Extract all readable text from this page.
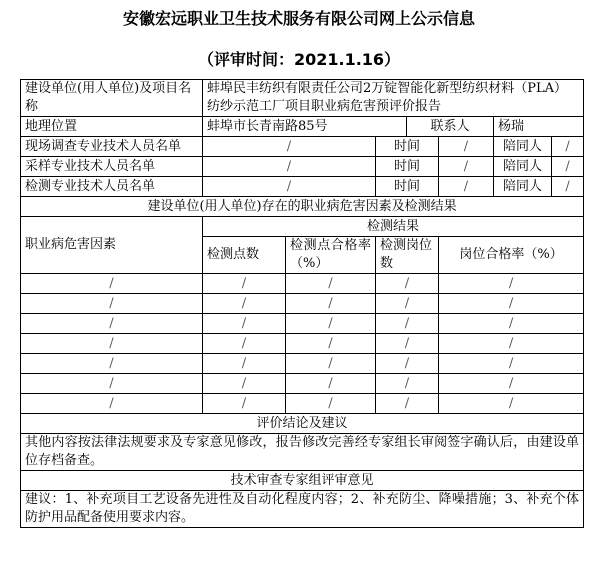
安徽宏远职业卫生技术服务有限公司网上公示信息
（评审时间：2021.1.16）
建设单位(用人单位)及项目名称	蚌埠民丰纺织有限责任公司2万锭智能化新型纺织材料（PLA）纺纱示范工厂项目职业病危害预评价报告						
地理位置	蚌埠市长青南路85号			联系人		杨瑞	
现场调查专业技术人员名单	/		时间		/	陪同人	/
采样专业技术人员名单	/		时间		/	陪同人	/
检测专业技术人员名单	/		时间		/	陪同人	/
建设单位(用人单位)存在的职业病危害因素及检测结果							
职业病危害因素	检测结果						
	检测点数	检测点合格率（%）	检测岗位数		岗位合格率（%）		
/	/	/	/		/		
/	/	/	/		/		
/	/	/	/		/		
/	/	/	/		/		
/	/	/	/		/		
/	/	/	/		/		
/	/	/	/		/		
评价结论及建议							
其他内容按法律法规要求及专家意见修改，报告修改完善经专家组长审阅签字确认后，由建设单位存档备查。							
技术审查专家组评审意见							
建议：1、补充项目工艺设备先进性及自动化程度内容；2、补充防尘、降噪措施；3、补充个体防护用品配备使用要求内容。							
